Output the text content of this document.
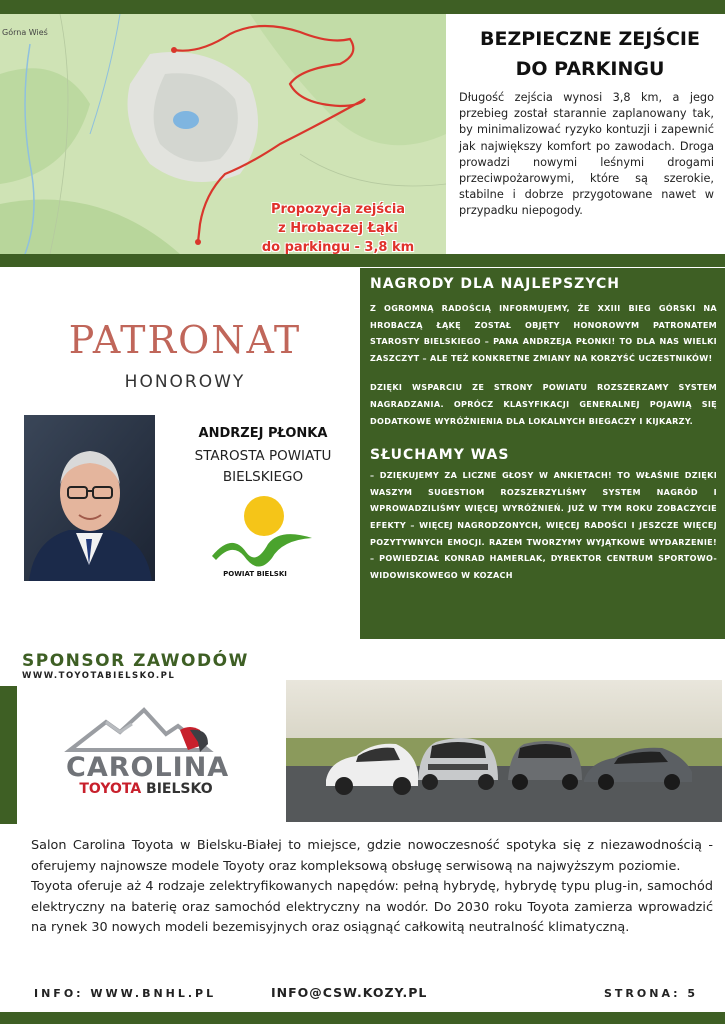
Górna Wieś
Propozycja zejścia
z Hrobaczej Łąki
do parkingu - 3,8 km
BEZPIECZNE ZEJŚCIE
DO PARKINGU
Długość zejścia wynosi 3,8 km, a jego przebieg został starannie zaplanowany tak, by minimalizować ryzyko kontuzji i zapewnić jak największy komfort po zawodach. Droga prowadzi nowymi leśnymi drogami przeciwpożarowymi, które są szerokie, stabilne i dobrze przygotowane nawet w przypadku niepogody.
PATRONAT
HONOROWY
ANDRZEJ PŁONKA
STAROSTA POWIATU
BIELSKIEGO
POWIAT BIELSKI
NAGRODY DLA NAJLEPSZYCH
Z OGROMNĄ RADOŚCIĄ INFORMUJEMY, ŻE XXIII BIEG GÓRSKI NA HROBACZĄ ŁĄKĘ ZOSTAŁ OBJĘTY HONOROWYM PATRONATEM STAROSTY BIELSKIEGO – PANA ANDRZEJA PŁONKI! TO DLA NAS WIELKI ZASZCZYT – ALE TEŻ KONKRETNE ZMIANY NA KORZYŚĆ UCZESTNIKÓW!
DZIĘKI WSPARCIU ZE STRONY POWIATU ROZSZERZAMY SYSTEM NAGRADZANIA. OPRÓCZ KLASYFIKACJI GENERALNEJ POJAWIĄ SIĘ DODATKOWE WYRÓŻNIENIA DLA LOKALNYCH BIEGACZY I KIJKARZY.
SŁUCHAMY WAS
– DZIĘKUJEMY ZA LICZNE GŁOSY W ANKIETACH! TO WŁAŚNIE DZIĘKI WASZYM SUGESTIOM ROZSZERZYLIŚMY SYSTEM NAGRÓD I WPROWADZILIŚMY WIĘCEJ WYRÓŻNIEŃ. JUŻ W TYM ROKU ZOBACZYCIE EFEKTY – WIĘCEJ NAGRODZONYCH, WIĘCEJ RADOŚCI I JESZCZE WIĘCEJ POZYTYWNYCH EMOCJI. RAZEM TWORZYMY WYJĄTKOWE WYDARZENIE! – POWIEDZIAŁ KONRAD HAMERLAK, DYREKTOR CENTRUM SPORTOWO-WIDOWISKOWEGO W KOZACH
SPONSOR ZAWODÓW
WWW.TOYOTABIELSKO.PL
CAROLINA
TOYOTA BIELSKO
Salon Carolina Toyota w Bielsku-Białej to miejsce, gdzie nowoczesność spotyka się z niezawodnością - oferujemy najnowsze modele Toyoty oraz kompleksową obsługę serwisową na najwyższym poziomie.
Toyota oferuje aż 4 rodzaje zelektryfikowanych napędów: pełną hybrydę, hybrydę typu plug-in, samochód elektryczny na baterię oraz samochód elektryczny na wodór. Do 2030 roku Toyota zamierza wprowadzić na rynek 30 nowych modeli bezemisyjnych oraz osiągnąć całkowitą neutralność klimatyczną.
INFO: WWW.BNHL.PL	INFO@CSW.KOZY.PL	STRONA: 5
